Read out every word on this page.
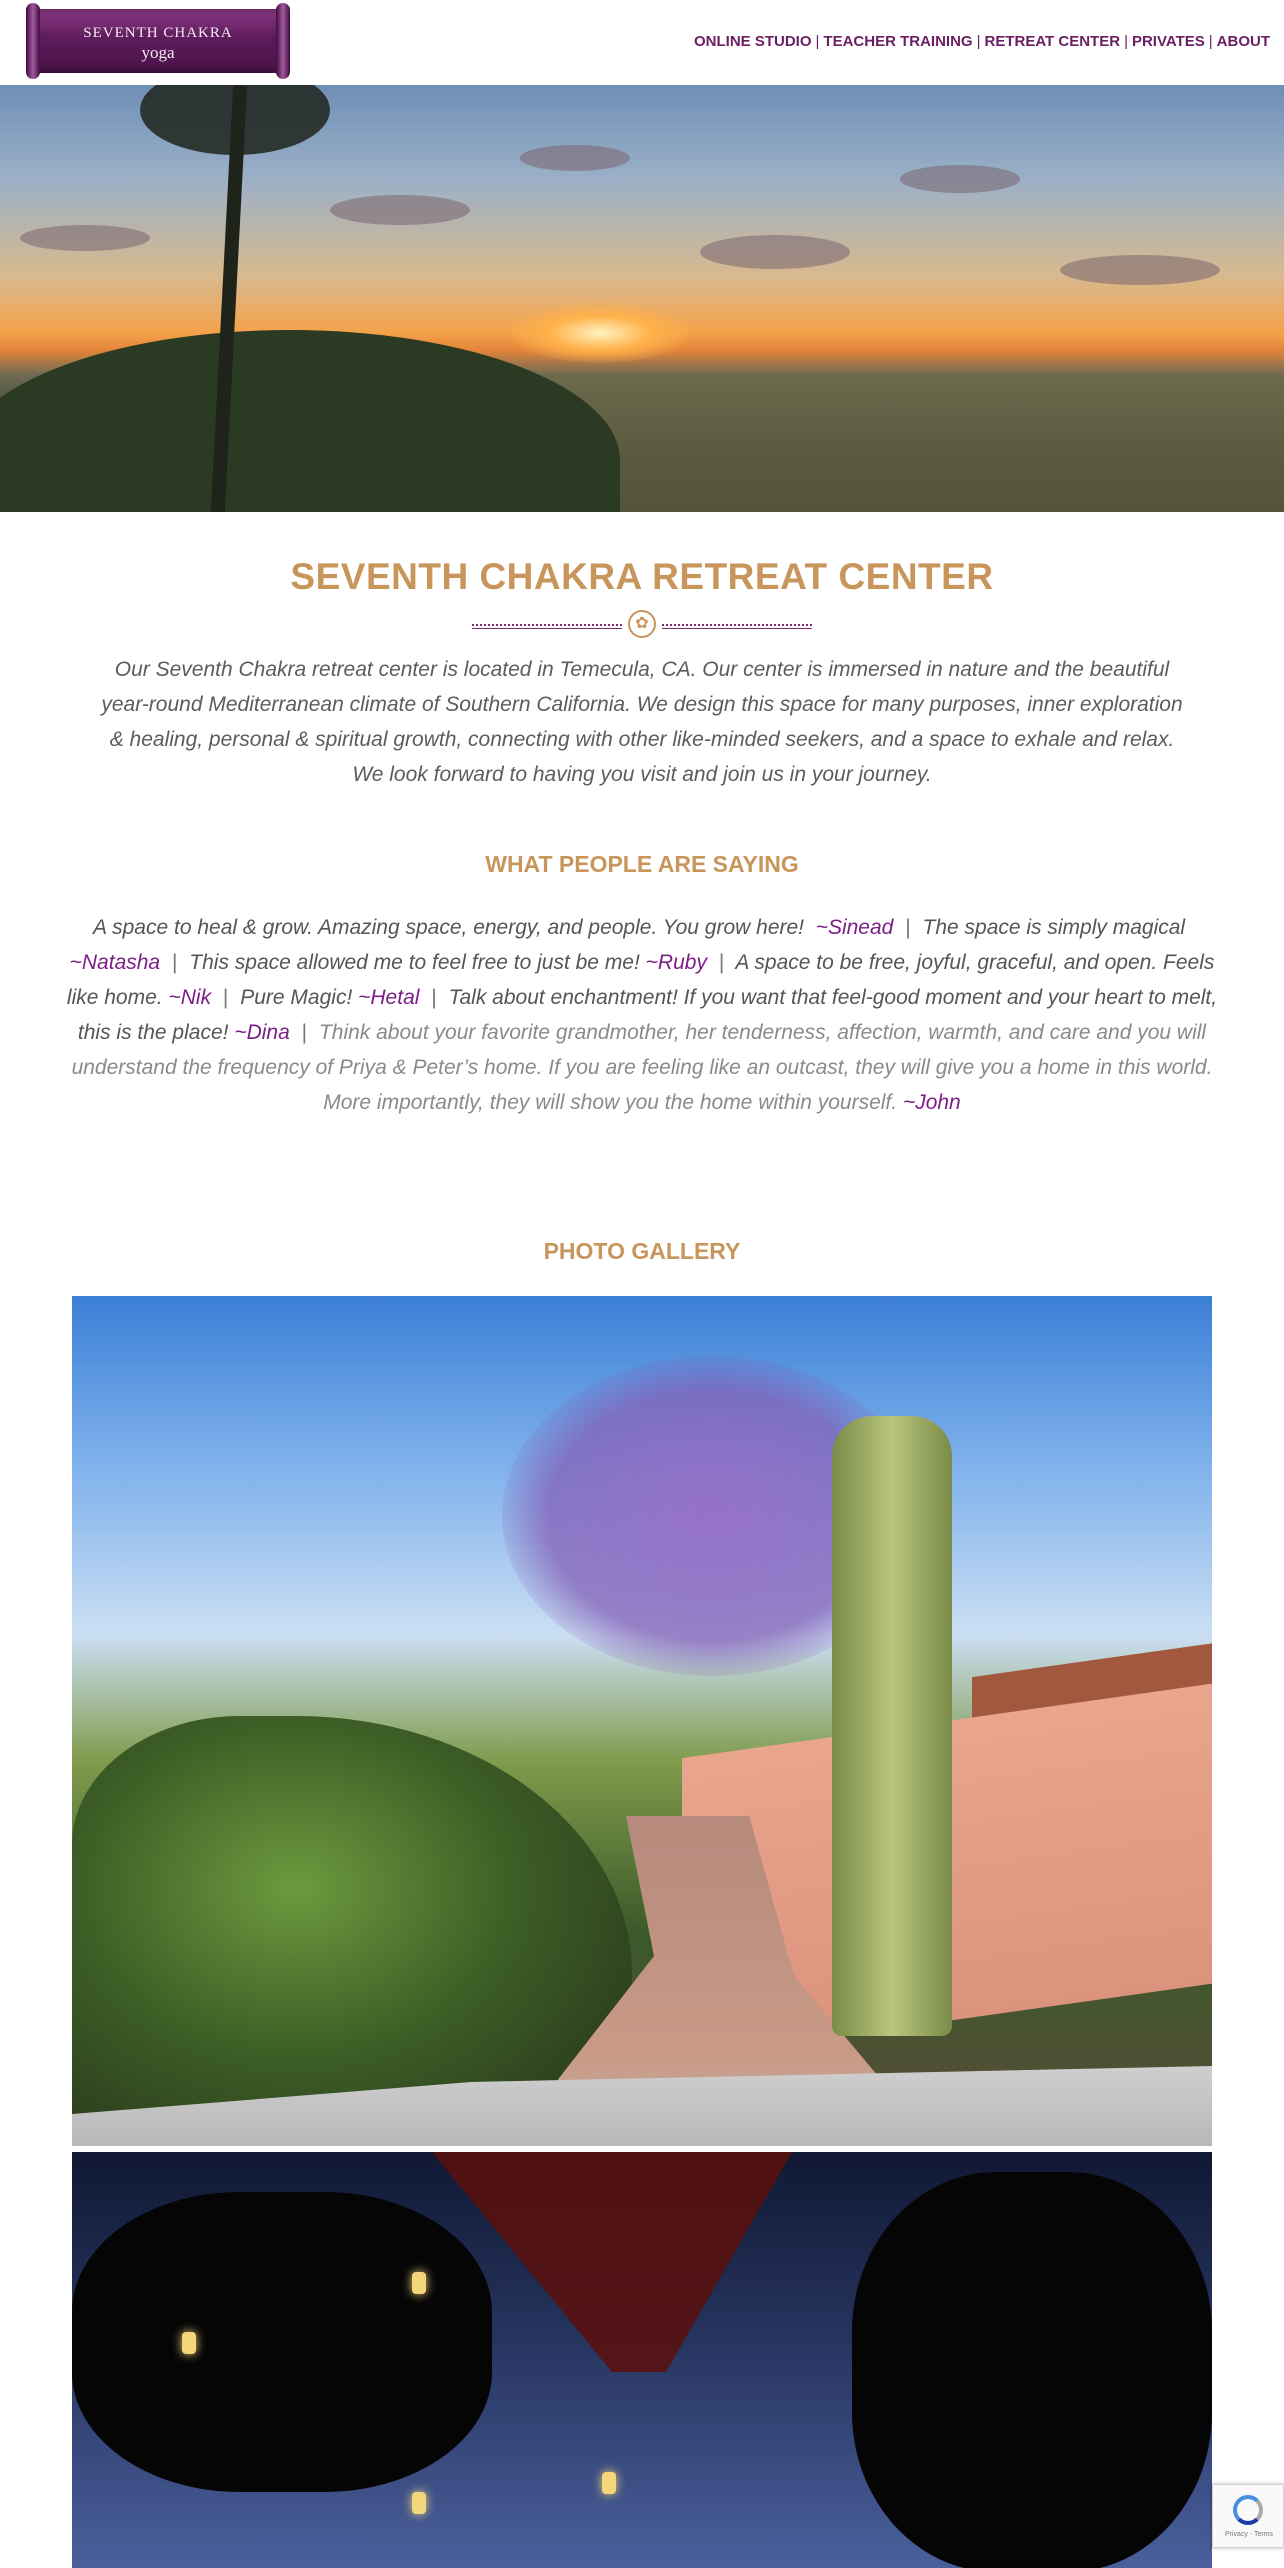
SEVENTH CHAKRA
yoga
ONLINE STUDIO | TEACHER TRAINING | RETREAT CENTER | PRIVATES | ABOUT
SEVENTH CHAKRA RETREAT CENTER
✿
Our Seventh Chakra retreat center is located in Temecula, CA. Our center is immersed in nature and the beautiful
year-round Mediterranean climate of Southern California. We design this space for many purposes, inner exploration
& healing, personal & spiritual growth, connecting with other like-minded seekers, and a space to exhale and relax.
We look forward to having you visit and join us in your journey.
WHAT PEOPLE ARE SAYING
A space to heal & grow. Amazing space, energy, and people. You grow here! ~Sinead | The space is simply magical  ~Natasha | This space allowed me to feel free to just be me! ~Ruby | A space to be free, joyful, graceful, and open. Feels like home. ~Nik | Pure Magic! ~Hetal | Talk about enchantment! If you want that feel-good moment and your heart to melt, this is the place! ~Dina | Think about your favorite grandmother, her tenderness, affection, warmth, and care and you will understand the frequency of Priya & Peter’s home. If you are feeling like an outcast, they will give you a home in this world. More importantly, they will show you the home within yourself. ~John
PHOTO GALLERY
Privacy - Terms
